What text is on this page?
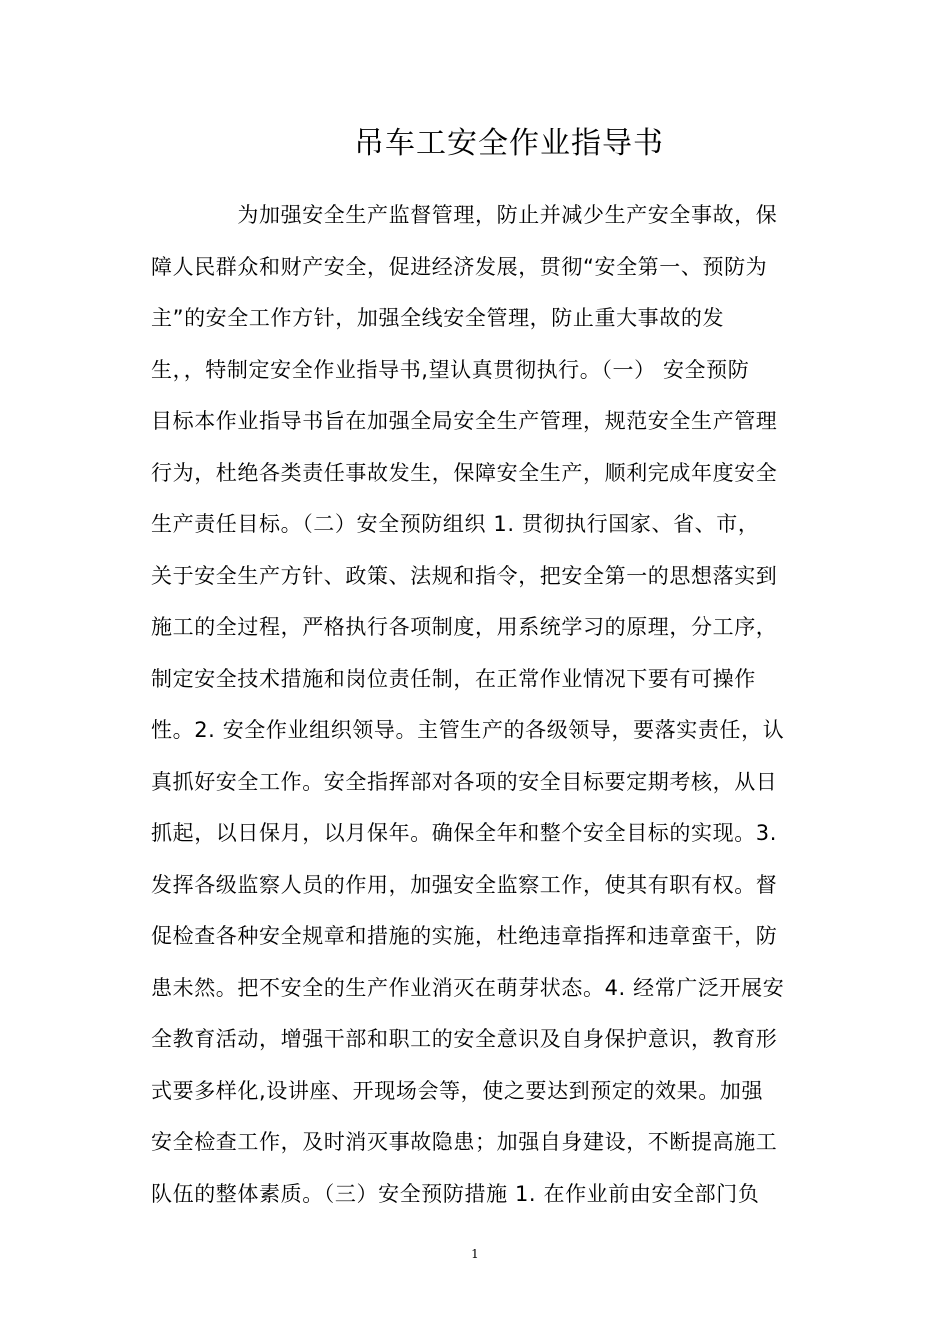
吊车工安全作业指导书
　　　　为加强安全生产监督管理，防止并减少生产安全事故，保
障人民群众和财产安全，促进经济发展，贯彻“安全第一、预防为
主”的安全工作方针，加强全线安全管理，防止重大事故的发
生，，特制定安全作业指导书,望认真贯彻执行。（一） 安全预防
目标本作业指导书旨在加强全局安全生产管理，规范安全生产管理
行为，杜绝各类责任事故发生，保障安全生产，顺利完成年度安全
生产责任目标。（二）安全预防组织 1. 贯彻执行国家、省、市，
关于安全生产方针、政策、法规和指令，把安全第一的思想落实到
施工的全过程，严格执行各项制度，用系统学习的原理，分工序，
制定安全技术措施和岗位责任制，在正常作业情况下要有可操作
性。2. 安全作业组织领导。主管生产的各级领导，要落实责任，认
真抓好安全工作。安全指挥部对各项的安全目标要定期考核，从日
抓起，以日保月，以月保年。确保全年和整个安全目标的实现。3.
发挥各级监察人员的作用，加强安全监察工作，使其有职有权。督
促检查各种安全规章和措施的实施，杜绝违章指挥和违章蛮干，防
患未然。把不安全的生产作业消灭在萌芽状态。4. 经常广泛开展安
全教育活动，增强干部和职工的安全意识及自身保护意识，教育形
式要多样化,设讲座、开现场会等，使之要达到预定的效果。加强
安全检查工作，及时消灭事故隐患；加强自身建设，不断提高施工
队伍的整体素质。（三）安全预防措施 1. 在作业前由安全部门负
1
